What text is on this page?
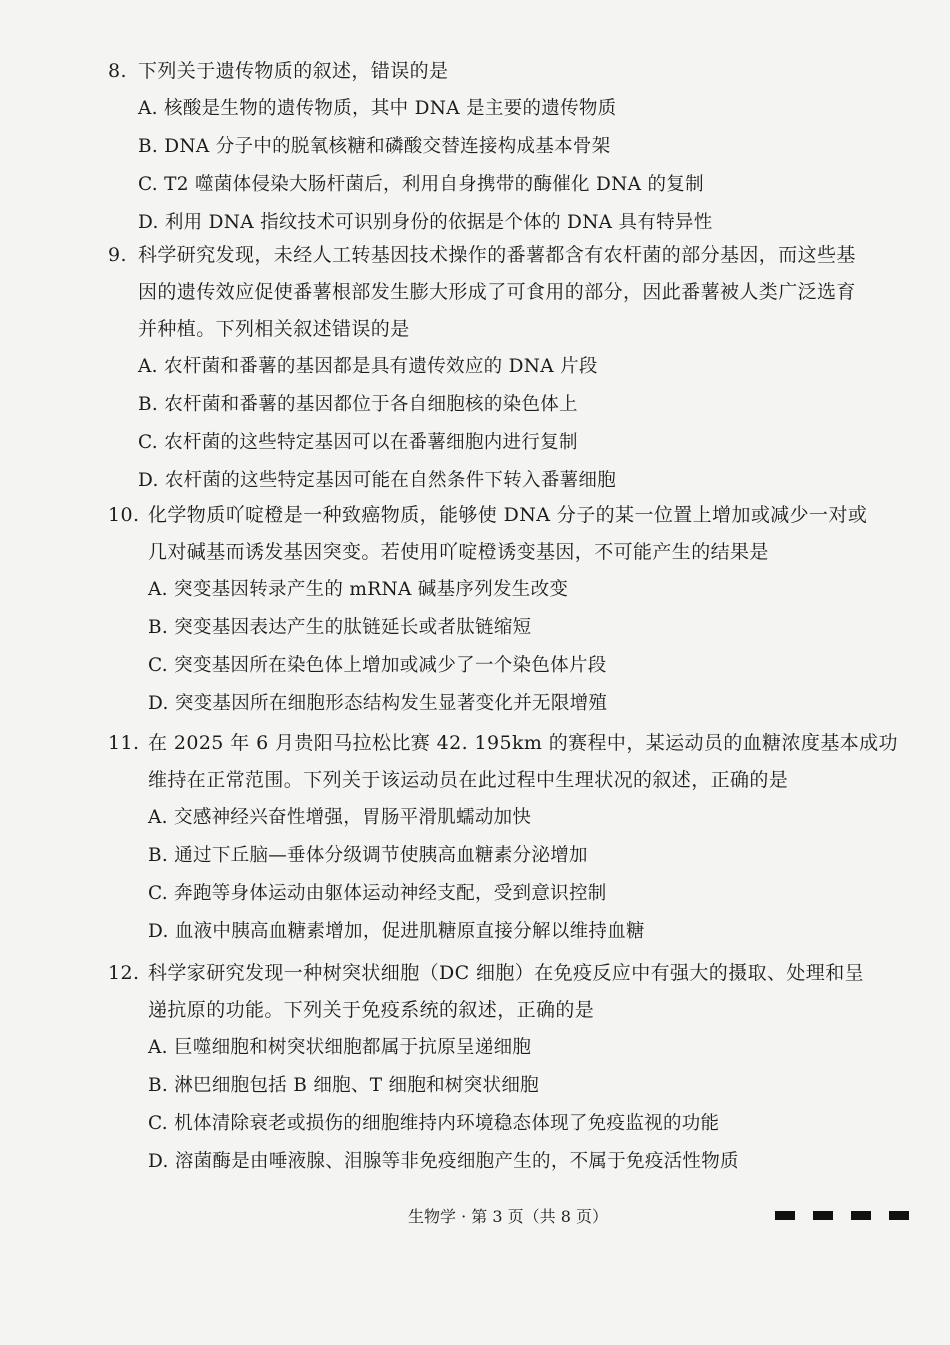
8. 下列关于遗传物质的叙述，错误的是
A. 核酸是生物的遗传物质，其中 DNA 是主要的遗传物质
B. DNA 分子中的脱氧核糖和磷酸交替连接构成基本骨架
C. T2 噬菌体侵染大肠杆菌后，利用自身携带的酶催化 DNA 的复制
D. 利用 DNA 指纹技术可识别身份的依据是个体的 DNA 具有特异性
9. 科学研究发现，未经人工转基因技术操作的番薯都含有农杆菌的部分基因，而这些基
因的遗传效应促使番薯根部发生膨大形成了可食用的部分，因此番薯被人类广泛选育
并种植。下列相关叙述错误的是
A. 农杆菌和番薯的基因都是具有遗传效应的 DNA 片段
B. 农杆菌和番薯的基因都位于各自细胞核的染色体上
C. 农杆菌的这些特定基因可以在番薯细胞内进行复制
D. 农杆菌的这些特定基因可能在自然条件下转入番薯细胞
10. 化学物质吖啶橙是一种致癌物质，能够使 DNA 分子的某一位置上增加或减少一对或
几对碱基而诱发基因突变。若使用吖啶橙诱变基因，不可能产生的结果是
A. 突变基因转录产生的 mRNA 碱基序列发生改变
B. 突变基因表达产生的肽链延长或者肽链缩短
C. 突变基因所在染色体上增加或减少了一个染色体片段
D. 突变基因所在细胞形态结构发生显著变化并无限增殖
11. 在 2025 年 6 月贵阳马拉松比赛 42. 195km 的赛程中，某运动员的血糖浓度基本成功
维持在正常范围。下列关于该运动员在此过程中生理状况的叙述，正确的是
A. 交感神经兴奋性增强，胃肠平滑肌蠕动加快
B. 通过下丘脑—垂体分级调节使胰高血糖素分泌增加
C. 奔跑等身体运动由躯体运动神经支配，受到意识控制
D. 血液中胰高血糖素增加，促进肌糖原直接分解以维持血糖
12. 科学家研究发现一种树突状细胞（DC 细胞）在免疫反应中有强大的摄取、处理和呈
递抗原的功能。下列关于免疫系统的叙述，正确的是
A. 巨噬细胞和树突状细胞都属于抗原呈递细胞
B. 淋巴细胞包括 B 细胞、T 细胞和树突状细胞
C. 机体清除衰老或损伤的细胞维持内环境稳态体现了免疫监视的功能
D. 溶菌酶是由唾液腺、泪腺等非免疫细胞产生的，不属于免疫活性物质
生物学 · 第 3 页（共 8 页）
